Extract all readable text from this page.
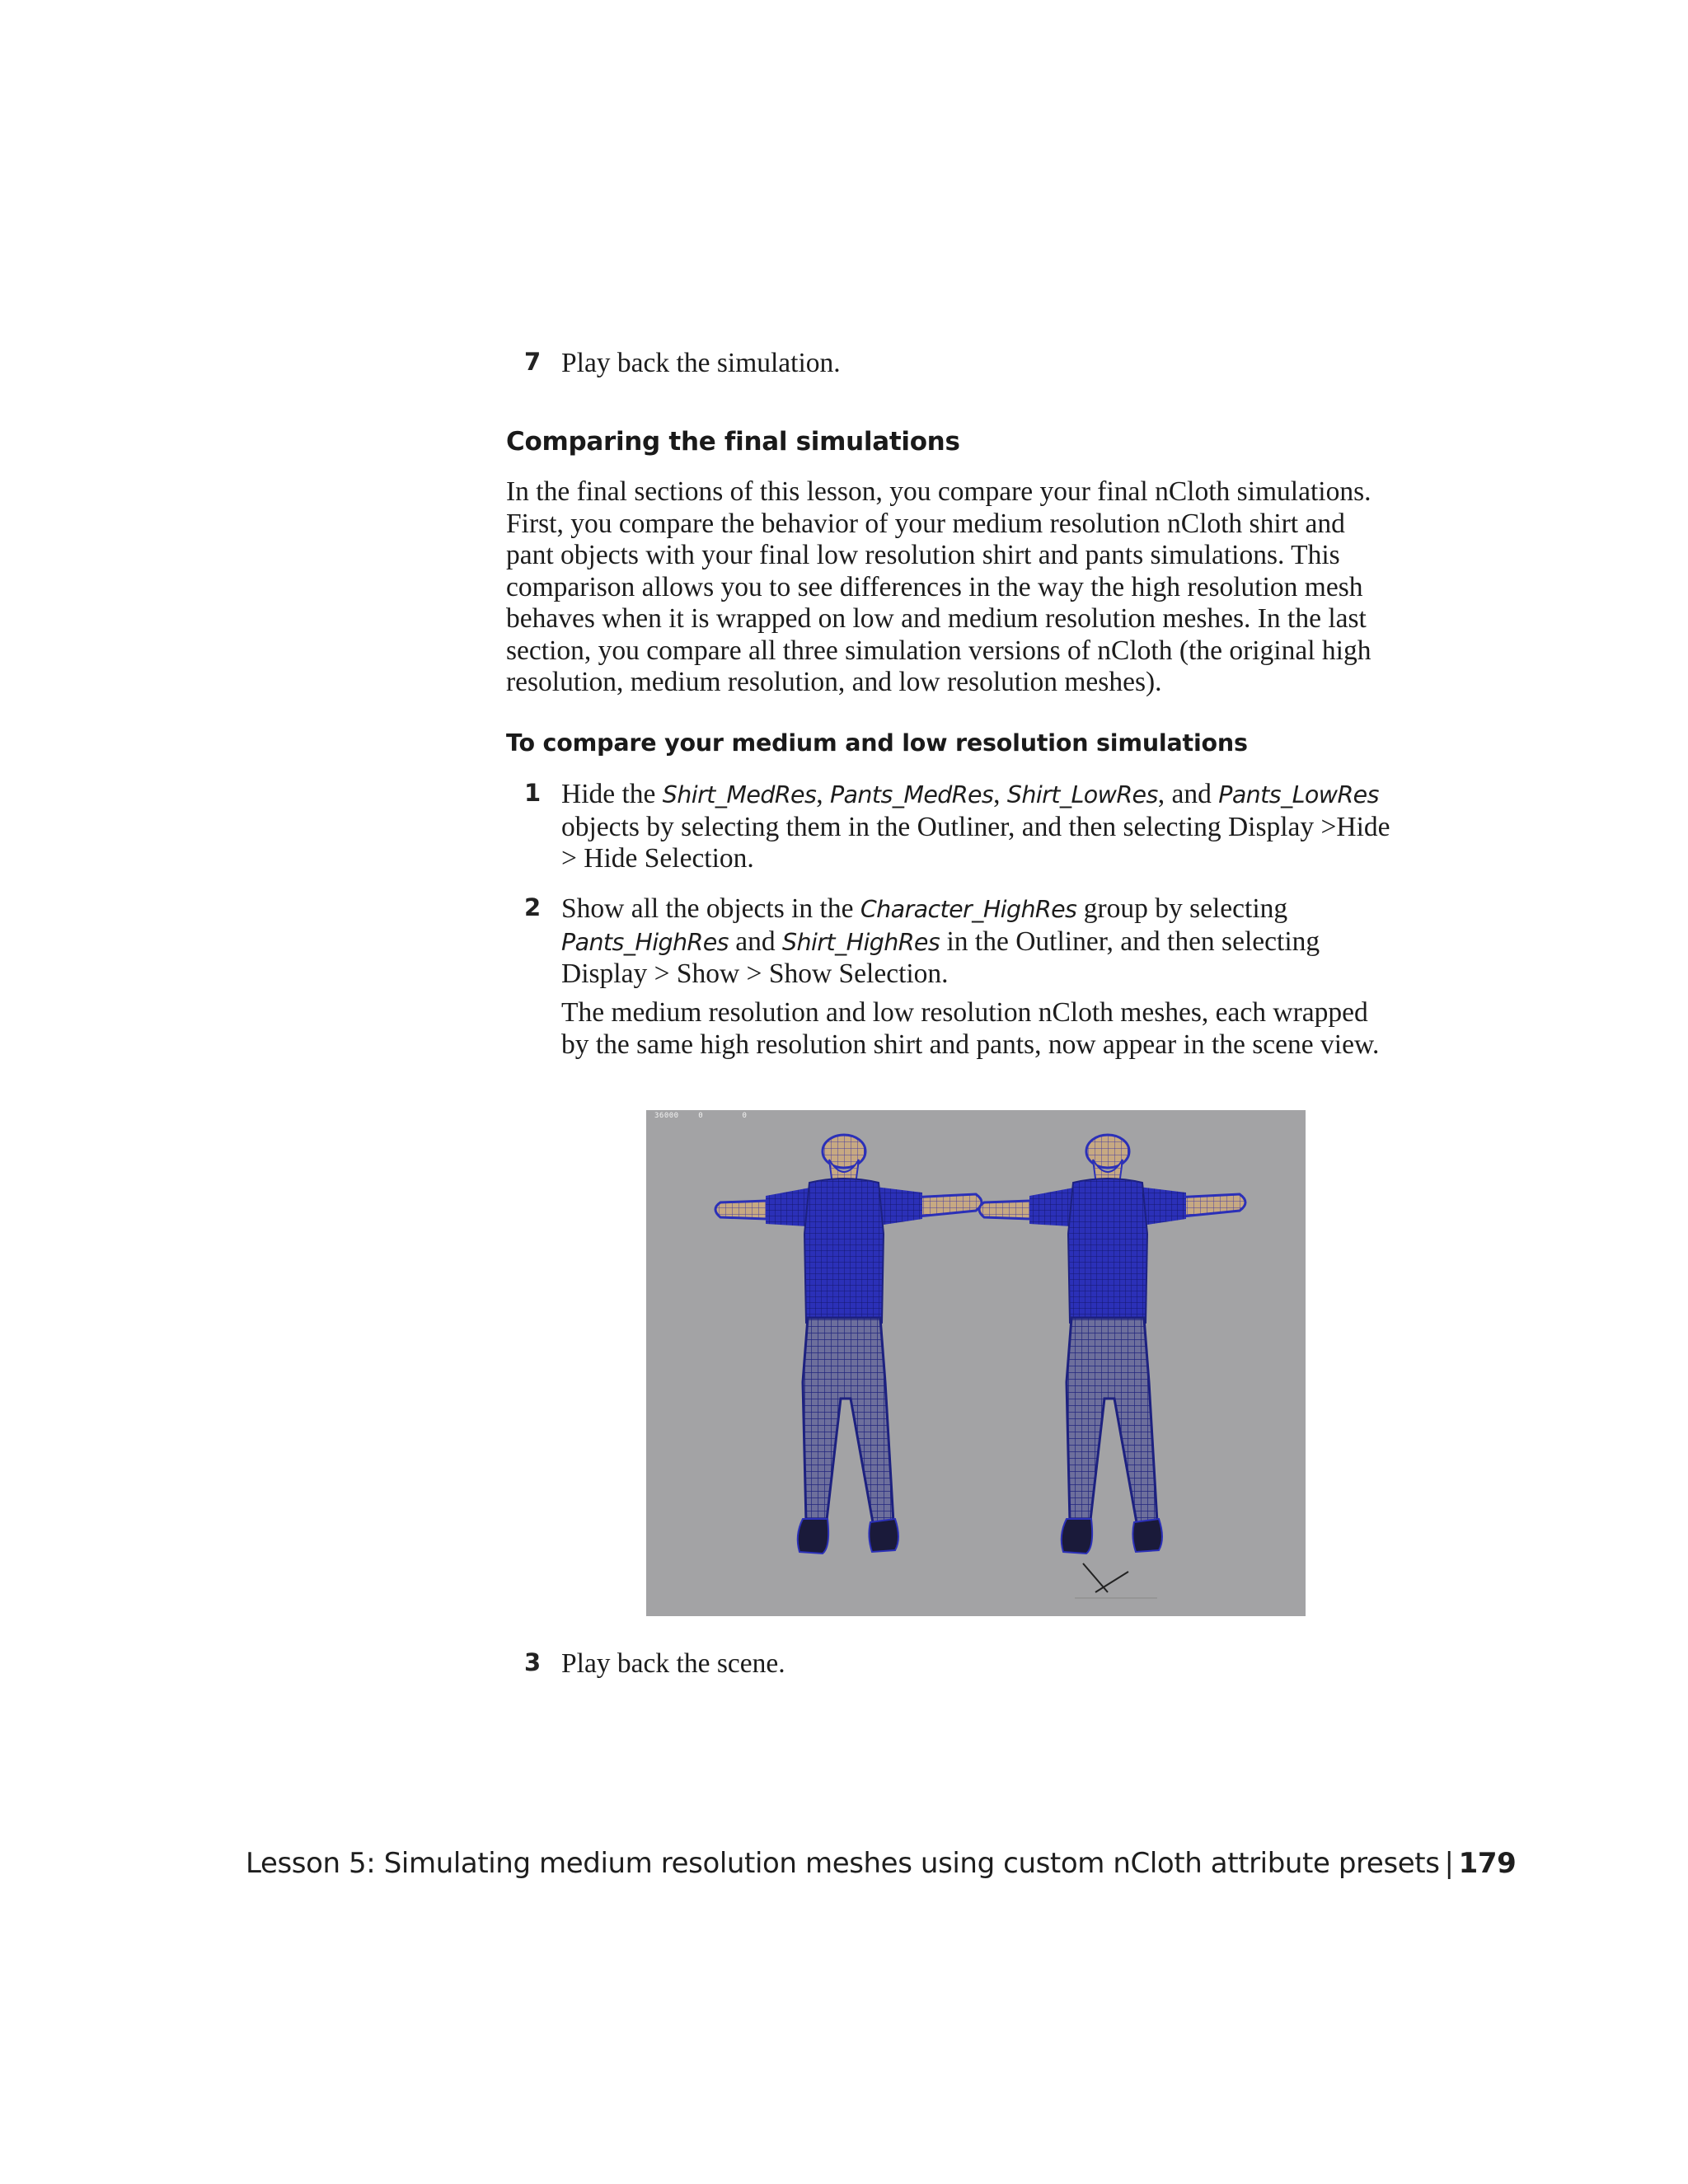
7 Play back the simulation.
Comparing the final simulations

In the final sections of this lesson, you compare your final nCloth simulations. First, you compare the behavior of your medium resolution nCloth shirt and pant objects with your final low resolution shirt and pants simulations. This comparison allows you to see differences in the way the high resolution mesh behaves when it is wrapped on low and medium resolution meshes. In the last section, you compare all three simulation versions of nCloth (the original high resolution, medium resolution, and low resolution meshes).

To compare your medium and low resolution simulations
1 Hide the Shirt_MedRes, Pants_MedRes, Shirt_LowRes, and Pants_LowRes objects by selecting them in the Outliner, and then selecting Display >Hide > Hide Selection.
2 Show all the objects in the Character_HighRes group by selecting Pants_HighRes and Shirt_HighRes in the Outliner, and then selecting Display > Show > Show Selection.

The medium resolution and low resolution nCloth meshes, each wrapped by the same high resolution shirt and pants, now appear in the scene view.

36000    0        0
3 Play back the scene.
Lesson 5: Simulating medium resolution meshes using custom nCloth attribute presets | 179
